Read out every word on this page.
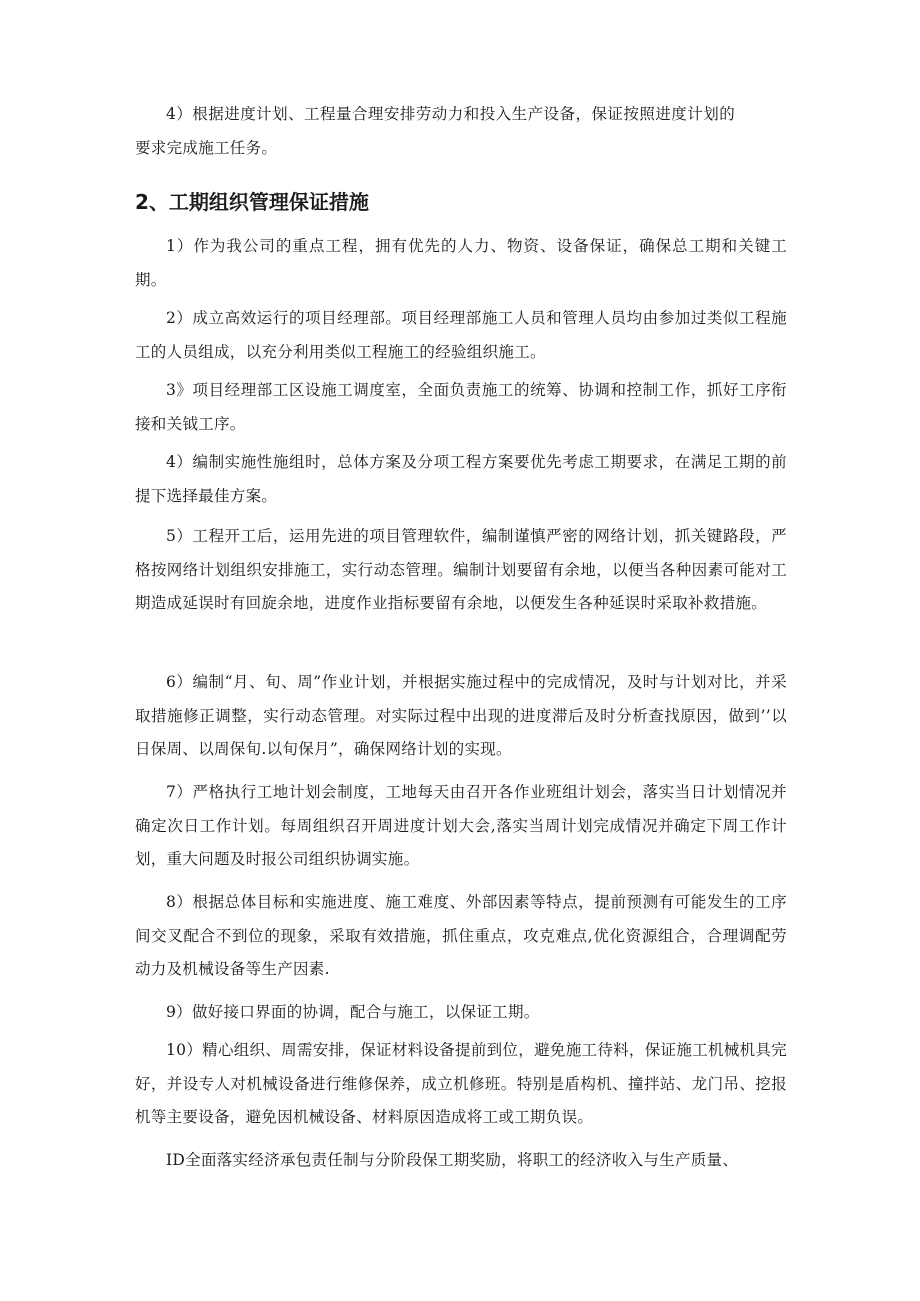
4）根据进度计划、工程量合理安排劳动力和投入生产设备，保证按照进度计划的要求完成施工任务。

2、工期组织管理保证措施

1）作为我公司的重点工程，拥有优先的人力、物资、设备保证，确保总工期和关键工期。

2）成立高效运行的项目经理部。项目经理部施工人员和管理人员均由参加过类似工程施工的人员组成，以充分利用类似工程施工的经验组织施工。

3》项目经理部工区设施工调度室，全面负责施工的统筹、协调和控制工作，抓好工序衔接和关钺工序。

4）编制实施性施组时，总体方案及分项工程方案要优先考虑工期要求，在满足工期的前提下选择最佳方案。

5）工程开工后，运用先进的项目管理软件，编制谨慎严密的网络计划，抓关键路段，严格按网络计划组织安排施工，实行动态管理。编制计划要留有余地，以便当各种因素可能对工期造成延误时有回旋余地，进度作业指标要留有余地，以便发生各种延误时采取补救措施。

6）编制“月、旬、周”作业计划，并根据实施过程中的完成情况，及时与计划对比，并采取措施修正调整，实行动态管理。对实际过程中出现的进度滞后及时分析查找原因，做到’’以日保周、以周保旬.以旬保月”，确保网络计划的实现。

7）严格执行工地计划会制度，工地每天由召开各作业班组计划会，落实当日计划情况并确定次日工作计划。每周组织召开周进度计划大会,落实当周计划完成情况并确定下周工作计划，重大问题及时报公司组织协调实施。

8）根据总体目标和实施进度、施工难度、外部因素等特点，提前预测有可能发生的工序间交叉配合不到位的现象，采取有效措施，抓住重点，攻克难点,优化资源组合，合理调配劳动力及机械设备等生产因素.

9）做好接口界面的协调，配合与施工，以保证工期。

10）精心组织、周需安排，保证材料设备提前到位，避免施工待料，保证施工机械机具完好，并设专人对机械设备进行维修保养，成立机修班。特别是盾构机、撞拌站、龙门吊、挖报机等主要设备，避免因机械设备、材料原因造成将工或工期负误。

ID全面落实经济承包责任制与分阶段保工期奖励，将职工的经济收入与生产质量、
